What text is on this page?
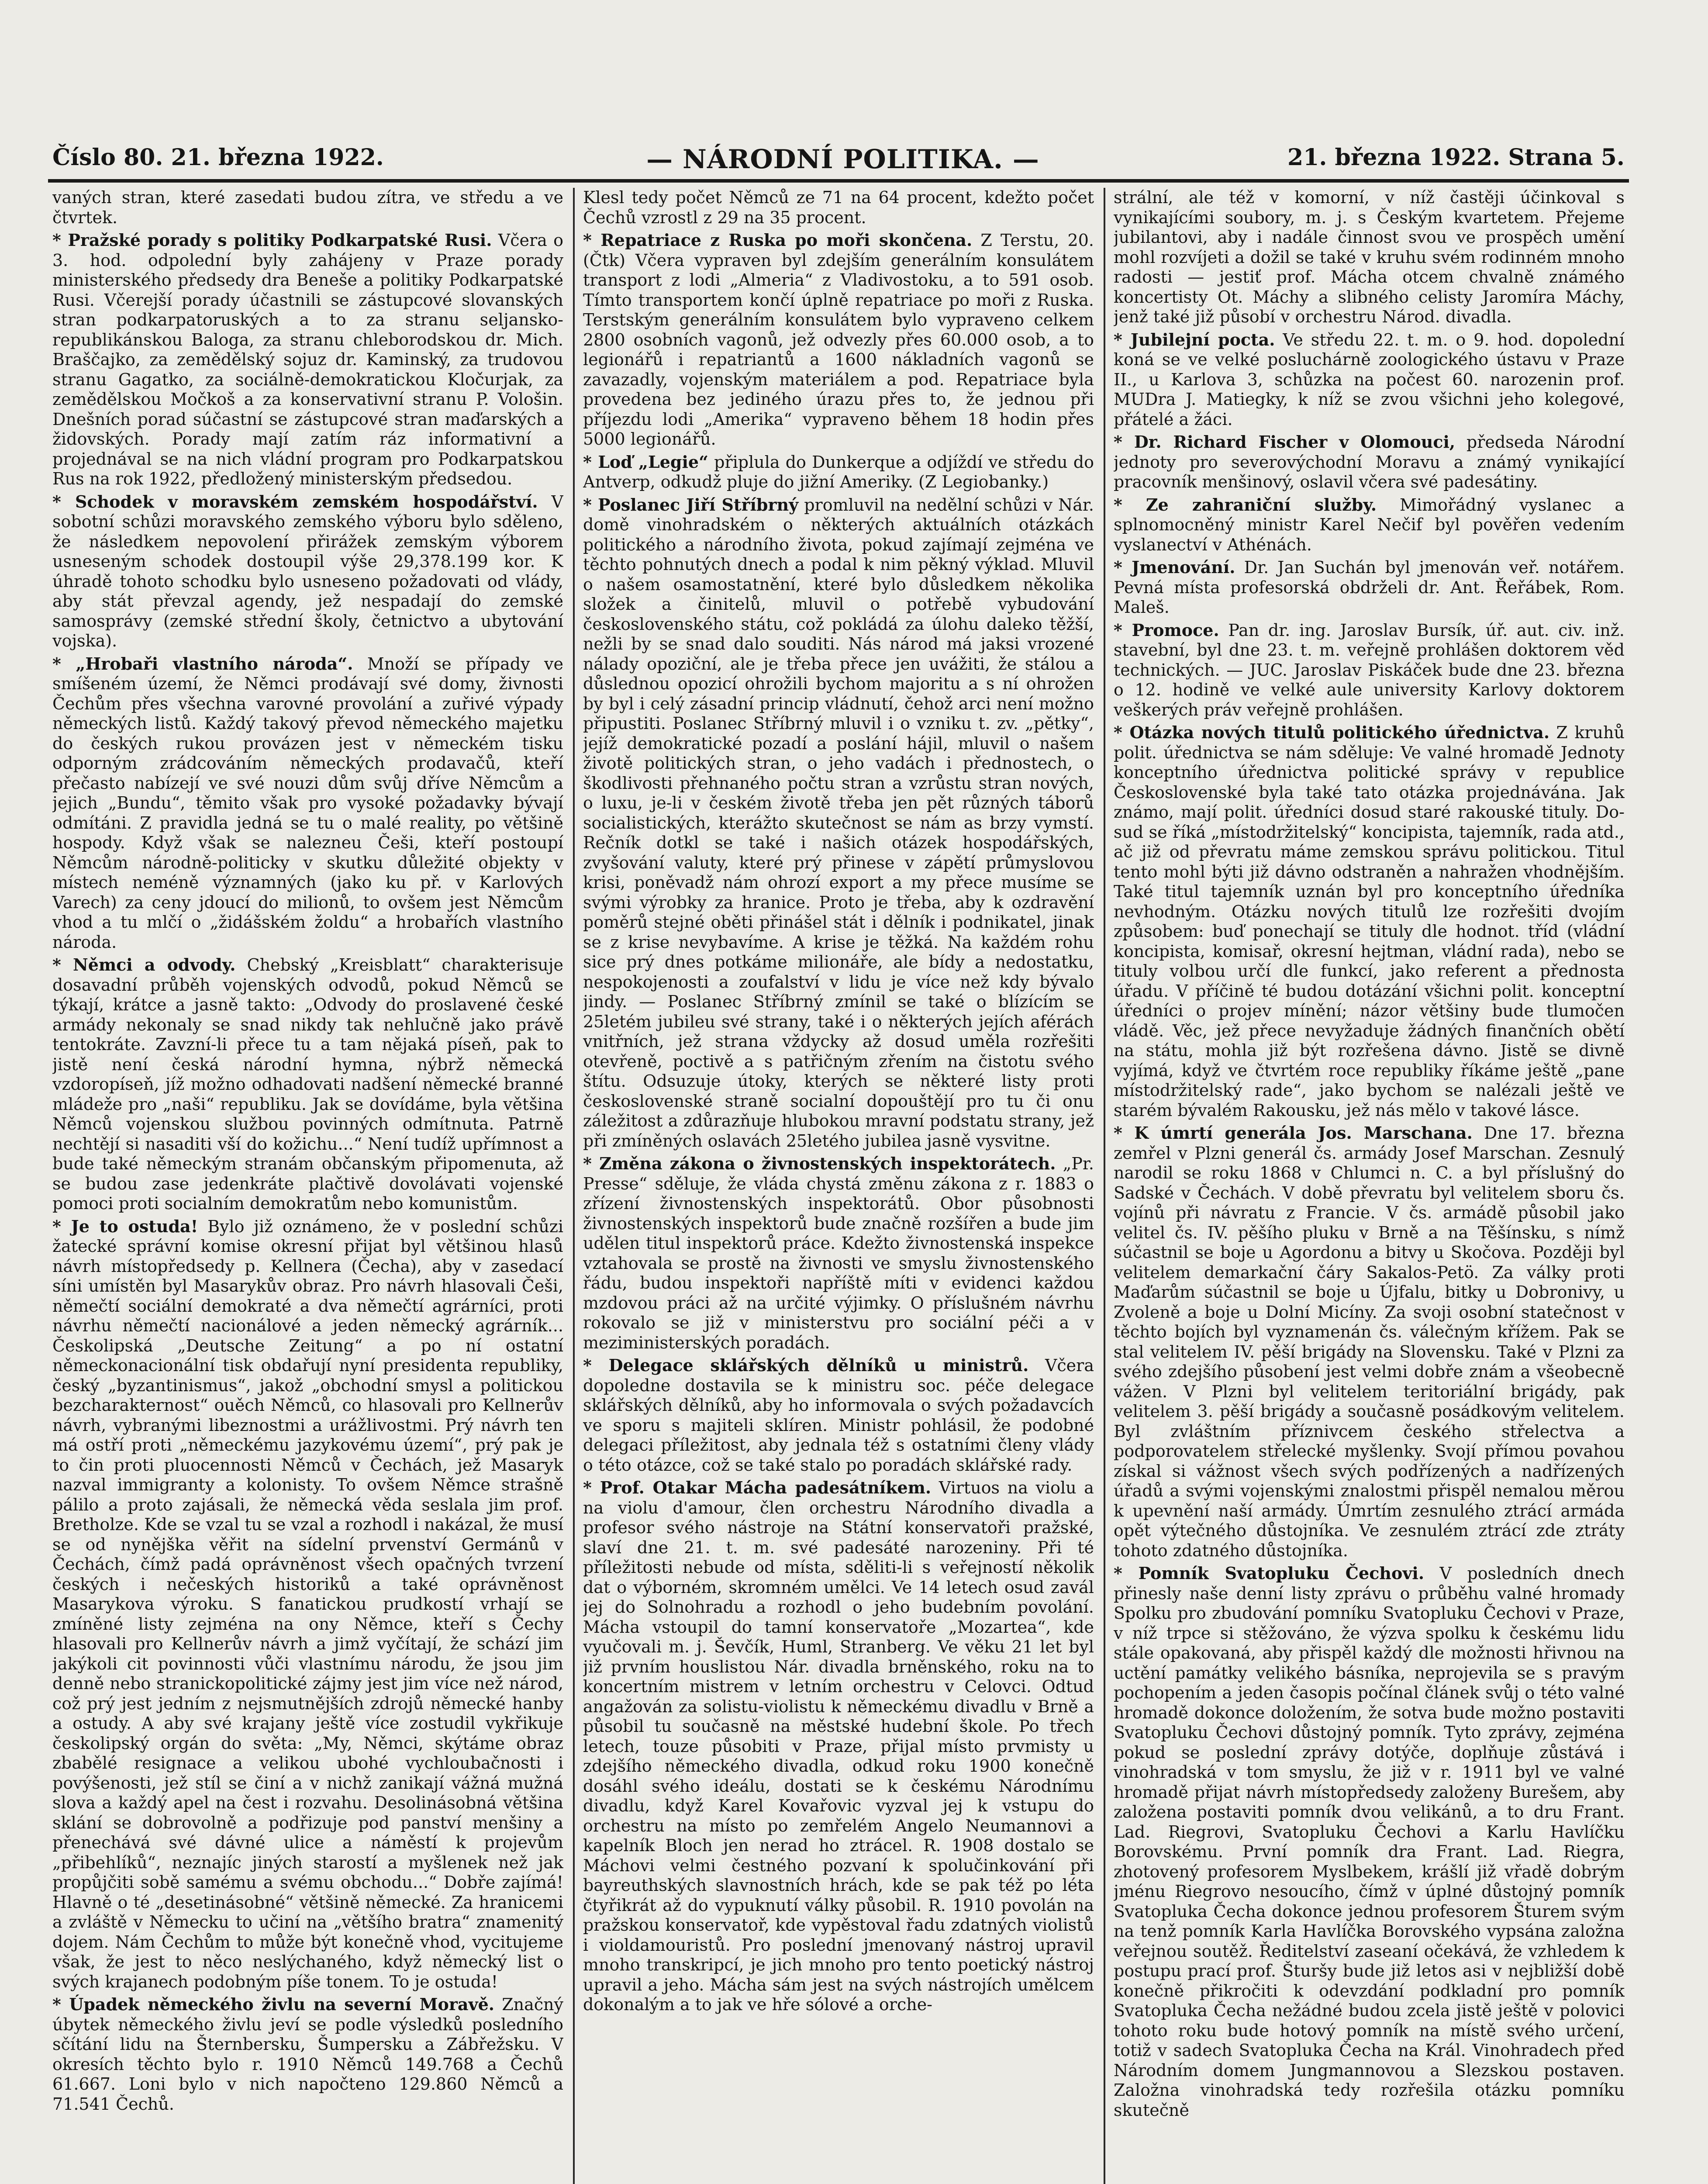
Číslo 80. 21. března 1922.	— NÁRODNÍ POLITIKA. —	21. března 1922. Strana 5.

vaných stran, které zasedati budou zítra, ve středu a ve čtvrtek.

* Pražské porady s politiky Podkarpatské Rusi. Včera o 3. hod. odpolední byly zahájeny v Praze porady ministerského předsedy dra Beneše a politiky Podkarpatské Rusi. Včerejší porady účastnili se zástupcové slovanských stran podkarpatoruských a to za stranu seljansko-republikánskou Baloga, za stranu chleborodskou dr. Mich. Braščajko, za zemědělský sojuz dr. Kaminský, za trudovou stranu Gagatko, za sociálně-demokratickou Kločurjak, za zemědělskou Močkoš a za konservativní stranu P. Vološin. Dnešních porad súčastní se zástupcové stran maďarských a židovských. Porady mají zatím ráz informativní a projednával se na nich vládní program pro Podkarpatskou Rus na rok 1922, předložený ministerským předsedou.

* Schodek v moravském zemském hospodářství. V sobotní schůzi moravského zemského výboru bylo sděleno, že následkem nepovolení přirážek zemským výborem usneseným schodek dostoupil výše 29,378.199 kor. K úhradě tohoto schodku bylo usneseno požadovati od vlády, aby stát převzal agendy, jež nespadají do zemské samosprávy (zemské střední školy, četnictvo a ubytování vojska).

* „Hrobaři vlastního národa“. Množí se případy ve smíšeném území, že Němci prodávají své domy, živnosti Čechům přes všechna varovné provolání a zuřivé výpady německých listů. Každý takový převod německého majetku do českých rukou provázen jest v německém tisku odporným zrádcováním německých prodavačů, kteří přečasto nabízejí ve své nouzi dům svůj dříve Němcům a jejich „Bundu“, těmito však pro vysoké požadavky bývají odmítáni. Z pravidla jedná se tu o malé reality, po většině hospody. Když však se nalezneu Češi, kteří postoupí Němcům národně-politicky v skutku důležité objekty v místech neméně významných (jako ku př. v Karlových Varech) za ceny jdoucí do milionů, to ovšem jest Němcům vhod a tu mlčí o „židášském žoldu“ a hrobařích vlastního národa.

* Němci a odvody. Chebský „Kreisblatt“ charakterisuje dosavadní průběh vojenských odvodů, pokud Němců se týkají, krátce a jasně takto: „Odvody do proslavené české armády nekonaly se snad nikdy tak nehlučně jako právě tentokráte. Zavzní-li přece tu a tam nějaká píseň, pak to jistě není česká národní hymna, nýbrž německá vzdoropíseň, jíž možno odhadovati nadšení německé branné mládeže pro „naši“ republiku. Jak se dovídáme, byla většina Němců vojenskou službou povinných odmítnuta. Patrně nechtějí si nasaditi vší do kožichu...“ Není tudíž upřímnost a bude také německým stranám občanským připomenuta, až se budou zase jedenkráte plačtivě dovolávati vojenské pomoci proti socialním demokratům nebo komunistům.

* Je to ostuda! Bylo již oznámeno, že v poslední schůzi žatecké správní komise okresní přijat byl většinou hlasů návrh místopředsedy p. Kellnera (Čecha), aby v zasedací síni umístěn byl Masarykův obraz. Pro návrh hlasovali Češi, němečtí sociální demokraté a dva němečtí agrárníci, proti návrhu němečtí nacionálové a jeden německý agrárník... Českolipská „Deutsche Zeitung“ a po ní ostatní německonacionální tisk obdařují nyní presidenta republiky, český „byzantinismus“, jakož „obchodní smysl a politickou bezcharakternost“ ouěch Němců, co hlasovali pro Kellnerův návrh, vybranými libeznostmi a urážlivostmi. Prý návrh ten má ostří proti „německému jazykovému území“, prý pak je to čin proti pluocennosti Němců v Čechách, jež Masaryk nazval immigranty a kolonisty. To ovšem Němce strašně pálilo a proto zajásali, že německá věda seslala jim prof. Bretholze. Kde se vzal tu se vzal a rozhodl i nakázal, že musí se od nynějška věřit na sídelní prvenství Germánů v Čechách, čímž padá oprávněnost všech opačných tvrzení českých i nečeských historiků a také oprávněnost Masarykova výroku. S fanatickou prudkostí vrhají se zmíněné listy zejména na ony Němce, kteří s Čechy hlasovali pro Kellnerův návrh a jimž vyčítají, že schází jim jakýkoli cit povinnosti vůči vlastnímu národu, že jsou jim denně nebo stranickopolitické zájmy jest jim více než národ, což prý jest jedním z nejsmutnějších zdrojů německé hanby a ostudy. A aby své krajany ještě více zostudil vykřikuje českolipský orgán do světa: „My, Němci, skýtáme obraz zbabělé resignace a velikou ubohé vychloubačnosti i povýšenosti, jež stíl se činí a v nichž zanikají vážná mužná slova a každý apel na čest i rozvahu. Desolinásobná většina sklání se dobrovolně a podřizuje pod panství menšiny a přenechává své dávné ulice a náměstí k projevům „přibehlíků“, neznajíc jiných starostí a myšlenek než jak propůjčiti sobě samému a svému obchodu...“ Dobře zajímá! Hlavně o té „desetinásobné“ většině německé. Za hranicemi a zvláště v Německu to učiní na „většího bratra“ znamenitý dojem. Nám Čechům to může být konečně vhod, vycitujeme však, že jest to něco neslýchaného, když německý list o svých krajanech podobným píše tonem. To je ostuda!

* Úpadek německého živlu na severní Moravě. Značný úbytek německého živlu jeví se podle výsledků posledního sčítání lidu na Šternbersku, Šumpersku a Zábřežsku. V okresích těchto bylo r. 1910 Němců 149.768 a Čechů 61.667. Loni bylo v nich napočteno 129.860 Němců a 71.541 Čechů.

Klesl tedy počet Němců ze 71 na 64 procent, kdežto počet Čechů vzrostl z 29 na 35 procent.

* Repatriace z Ruska po moři skončena. Z Terstu, 20. (Čtk) Včera vypraven byl zdejším generálním konsulátem transport z lodi „Almeria“ z Vladivostoku, a to 591 osob. Tímto transportem končí úplně repatriace po moři z Ruska. Terstským generálním konsulátem bylo vypraveno celkem 2800 osobních vagonů, jež odvezly přes 60.000 osob, a to legionářů i repatriantů a 1600 nákladních vagonů se zavazadly, vojenským materiálem a pod. Repatriace byla provedena bez jediného úrazu přes to, že jednou při příjezdu lodi „Amerika“ vypraveno během 18 hodin přes 5000 legionářů.

* Loď „Legie“ připlula do Dunkerque a odjíždí ve středu do Antverp, odkudž pluje do jižní Ameriky. (Z Legiobanky.)

* Poslanec Jiří Stříbrný promluvil na nedělní schůzi v Nár. domě vinohradském o některých aktuálních otázkách politického a národního života, pokud zajímají zejména ve těchto pohnutých dnech a podal k nim pěkný výklad. Mluvil o našem osamostatnění, které bylo důsledkem několika složek a činitelů, mluvil o potřebě vybudování československého státu, což pokládá za úlohu daleko těžší, nežli by se snad dalo souditi. Nás národ má jaksi vrozené nálady opoziční, ale je třeba přece jen uvážiti, že stálou a důslednou opozicí ohrožili bychom majoritu a s ní ohrožen by byl i celý zásadní princip vládnutí, čehož arci není možno připustiti. Poslanec Stříbrný mluvil i o vzniku t. zv. „pětky“, jejíž demokratické pozadí a poslání hájil, mluvil o našem životě politických stran, o jeho vadách i přednostech, o škodlivosti přehnaného počtu stran a vzrůstu stran nových, o luxu, je-li v českém životě třeba jen pět různých táborů socialistických, kterážto skutečnost se nám as brzy vymstí. Rečník dotkl se také i našich otázek hospodářských, zvyšování valuty, které prý přinese v zápětí průmyslovou krisi, poněvadž nám ohrozí export a my přece musíme se svými výrobky za hranice. Proto je třeba, aby k ozdravění poměrů stejné oběti přinášel stát i dělník i podnikatel, jinak se z krise nevybavíme. A krise je těžká. Na každém rohu sice prý dnes potkáme milionáře, ale bídy a nedostatku, nespokojenosti a zoufalství v lidu je více než kdy bývalo jindy. — Poslanec Stříbrný zmínil se také o blízícím se 25letém jubileu své strany, také i o některých jejích aférách vnitřních, jež strana vždycky až dosud uměla rozřešiti otevřeně, poctivě a s patřičným zřením na čistotu svého štítu. Odsuzuje útoky, kterých se některé listy proti československé straně socialní dopouštějí pro tu či onu záležitost a zdůrazňuje hlubokou mravní podstatu strany, jež při zmíněných oslavách 25letého jubilea jasně vysvitne.

* Změna zákona o živnostenských inspektorátech. „Pr. Presse“ sděluje, že vláda chystá změnu zákona z r. 1883 o zřízení živnostenských inspektorátů. Obor působnosti živnostenských inspektorů bude značně rozšířen a bude jim udělen titul inspektorů práce. Kdežto živnostenská inspekce vztahovala se prostě na živnosti ve smyslu živnostenského řádu, budou inspektoři napříště míti v evidenci každou mzdovou práci až na určité výjimky. O příslušném návrhu rokovalo se již v ministerstvu pro sociální péči a v meziministerských poradách.

* Delegace sklářských dělníků u ministrů. Včera dopoledne dostavila se k ministru soc. péče delegace sklářských dělníků, aby ho informovala o svých požadavcích ve sporu s majiteli sklíren. Ministr pohlásil, že podobné delegaci příležitost, aby jednala též s ostatními členy vlády o této otázce, což se také stalo po poradách sklářské rady.

* Prof. Otakar Mácha padesátníkem. Virtuos na violu a na violu d'amour, člen orchestru Národního divadla a profesor svého nástroje na Státní konservatoři pražské, slaví dne 21. t. m. své padesáté narozeniny. Při té příležitosti nebude od místa, sděliti-li s veřejností několik dat o výborném, skromném umělci. Ve 14 letech osud zavál jej do Solnohradu a rozhodl o jeho budebním povolání. Mácha vstoupil do tamní konservatoře „Mozartea“, kde vyučovali m. j. Ševčík, Huml, Stranberg. Ve věku 21 let byl již prvním houslistou Nár. divadla brněnského, roku na to koncertním mistrem v letním orchestru v Celovci. Odtud angažován za solistu-violistu k německému divadlu v Brně a působil tu současně na městské hudební škole. Po třech letech, touze působiti v Praze, přijal místo prvmisty u zdejšího německého divadla, odkud roku 1900 konečně dosáhl svého ideálu, dostati se k českému Národnímu divadlu, když Karel Kovařovic vyzval jej k vstupu do orchestru na místo po zemřelém Angelo Neumannovi a kapelník Bloch jen nerad ho ztrácel. R. 1908 dostalo se Máchovi velmi čestného pozvaní k spolučinkování při bayreuthských slavnostních hrách, kde se pak též po léta čtyřikrát až do vypuknutí války působil. R. 1910 povolán na pražskou konservatoř, kde vypěstoval řadu zdatných violistů i violdamouristů. Pro poslední jmenovaný nástroj upravil mnoho transkripcí, je jich mnoho pro tento poetický nástroj upravil a jeho. Mácha sám jest na svých nástrojích umělcem dokonalým a to jak ve hře sólové a orche-

strální, ale též v komorní, v níž častěji účinkoval s vynikajícími soubory, m. j. s Českým kvartetem. Přejeme jubilantovi, aby i nadále činnost svou ve prospěch umění mohl rozvíjeti a dožil se také v kruhu svém rodinném mnoho radosti — jestiť prof. Mácha otcem chvalně známého koncertisty Ot. Máchy a slibného celisty Jaromíra Máchy, jenž také již působí v orchestru Národ. divadla.

* Jubilejní pocta. Ve středu 22. t. m. o 9. hod. dopolední koná se ve velké posluchárně zoologického ústavu v Praze II., u Karlova 3, schůzka na počest 60. narozenin prof. MUDra J. Matiegky, k níž se zvou všichni jeho kolegové, přátelé a žáci.

* Dr. Richard Fischer v Olomouci, předseda Národní jednoty pro severovýchodní Moravu a známý vynikající pracovník menšinový, oslavil včera své padesátiny.

* Ze zahraniční služby. Mimořádný vyslanec a splnomocněný ministr Karel Nečif byl pověřen vedením vyslanectví v Athénách.

* Jmenování. Dr. Jan Suchán byl jmenován veř. notářem. Pevná místa profesorská obdrželi dr. Ant. Řeřábek, Rom. Maleš.

* Promoce. Pan dr. ing. Jaroslav Bursík, úř. aut. civ. inž. stavební, byl dne 23. t. m. veřejně prohlášen doktorem věd technických. — JUC. Jaroslav Piskáček bude dne 23. března o 12. hodině ve velké aule university Karlovy doktorem veškerých práv veřejně prohlášen.

* Otázka nových titulů politického úřednictva. Z kruhů polit. úřednictva se nám sděluje: Ve valné hromadě Jednoty konceptního úřednictva politické správy v republice Československé byla také tato otázka projednávána. Jak známo, mají polit. úředníci dosud staré rakouské tituly. Do-sud se říká „místodržitelský“ koncipista, tajemník, rada atd., ač již od převratu máme zemskou správu politickou. Titul tento mohl býti již dávno odstraněn a nahražen vhodnějším. Také titul tajemník uznán byl pro konceptního úředníka nevhodným. Otázku nových titulů lze rozřešiti dvojím způsobem: buď ponechají se tituly dle hodnot. tříd (vládní koncipista, komisař, okresní hejtman, vládní rada), nebo se tituly volbou určí dle funkcí, jako referent a přednosta úřadu. V příčině té budou dotázání všichni polit. konceptní úředníci o projev mínění; názor většiny bude tlumočen vládě. Věc, jež přece nevyžaduje žádných finančních obětí na státu, mohla již být rozřešena dávno. Jistě se divně vyjímá, když ve čtvrtém roce republiky říkáme ještě „pane místodržitelský rade“, jako bychom se nalézali ještě ve starém bývalém Rakousku, jež nás mělo v takové lásce.

* K úmrtí generála Jos. Marschana. Dne 17. března zemřel v Plzni generál čs. armády Josef Marschan. Zesnulý narodil se roku 1868 v Chlumci n. C. a byl příslušný do Sadské v Čechách. V době převratu byl velitelem sboru čs. vojínů při návratu z Francie. V čs. armádě působil jako velitel čs. IV. pěšího pluku v Brně a na Těšínsku, s nímž súčastnil se boje u Agordonu a bitvy u Skočova. Později byl velitelem demarkační čáry Sakalos-Petö. Za války proti Maďarům súčastnil se boje u Újfalu, bitky u Dobronivy, u Zvoleně a boje u Dolní Micíny. Za svoji osobní statečnost v těchto bojích byl vyznamenán čs. válečným křížem. Pak se stal velitelem IV. pěší brigády na Slovensku. Také v Plzni za svého zdejšího působení jest velmi dobře znám a všeobecně vážen. V Plzni byl velitelem teritoriální brigády, pak velitelem 3. pěší brigády a současně posádkovým velitelem. Byl zvláštním příznivcem českého střelectva a podporovatelem střelecké myšlenky. Svojí přímou povahou získal si vážnost všech svých podřízených a nadřízených úřadů a svými vojenskými znalostmi přispěl nemalou měrou k upevnění naší armády. Úmrtím zesnulého ztrácí armáda opět výtečného důstojníka. Ve zesnulém ztrácí zde ztráty tohoto zdatného důstojníka.

* Pomník Svatopluku Čechovi. V posledních dnech přinesly naše denní listy zprávu o průběhu valné hromady Spolku pro zbudování pomníku Svatopluku Čechovi v Praze, v níž trpce si stěžováno, že výzva spolku k českému lidu stále opakovaná, aby přispěl každý dle možnosti hřivnou na uctění památky velikého básníka, neprojevila se s pravým pochopením a jeden časopis počínal článek svůj o této valné hromadě dokonce doložením, že sotva bude možno postaviti Svatopluku Čechovi důstojný pomník. Tyto zprávy, zejména pokud se poslední zprávy dotýče, doplňuje zůstává i vinohradská v tom smyslu, že již v r. 1911 byl ve valné hromadě přijat návrh místopředsedy založeny Burešem, aby založena postaviti pomník dvou velikánů, a to dru Frant. Lad. Riegrovi, Svatopluku Čechovi a Karlu Havlíčku Borovskému. První pomník dra Frant. Lad. Riegra, zhotovený profesorem Myslbekem, krášlí již vřadě dobrým jménu Riegrovo nesoucího, čímž v úplné důstojný pomník Svatopluka Čecha dokonce jednou profesorem Šturem svým na tenž pomník Karla Havlíčka Borovského vypsána založna veřejnou soutěž. Ředitelství zaseaní očekává, že vzhledem k postupu prací prof. Šturšy bude již letos asi v nejbližší době konečně přikročiti k odevzdání podkladní pro pomník Svatopluka Čecha nežádné budou zcela jistě ještě v polovici tohoto roku bude hotový pomník na místě svého určení, totiž v sadech Svatopluka Čecha na Král. Vinohradech před Národním domem Jungmannovou a Slezskou postaven. Založna vinohradská tedy rozřešila otázku pomníku skutečně
